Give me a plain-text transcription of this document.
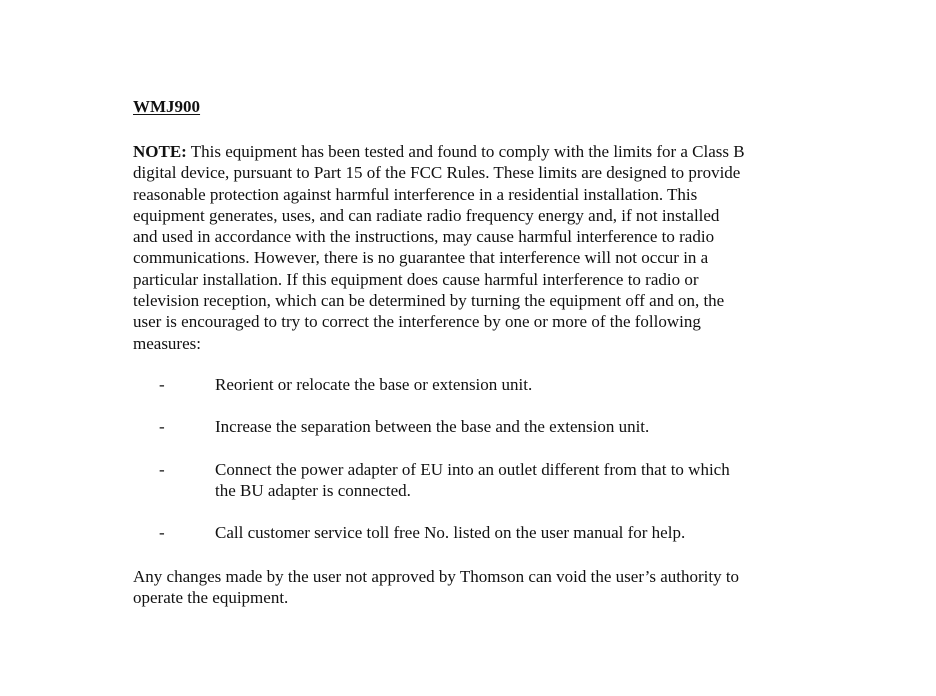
WMJ900
NOTE: This equipment has been tested and found to comply with the limits for a Class B
digital device, pursuant to Part 15 of the FCC Rules. These limits are designed to provide
reasonable protection against harmful interference in a residential installation. This
equipment generates, uses, and can radiate radio frequency energy and, if not installed
and used in accordance with the instructions, may cause harmful interference to radio
communications. However, there is no guarantee that interference will not occur in a
particular installation. If this equipment does cause harmful interference to radio or
television reception, which can be determined by turning the equipment off and on, the
user is encouraged to try to correct the interference by one or more of the following
measures:
-	Reorient or relocate the base or extension unit.
-	Increase the separation between the base and the extension unit.
-	Connect the power adapter of EU into an outlet different from that to which
the BU adapter is connected.
-	Call customer service toll free No. listed on the user manual for help.
Any changes made by the user not approved by Thomson can void the user’s authority to
operate the equipment.
